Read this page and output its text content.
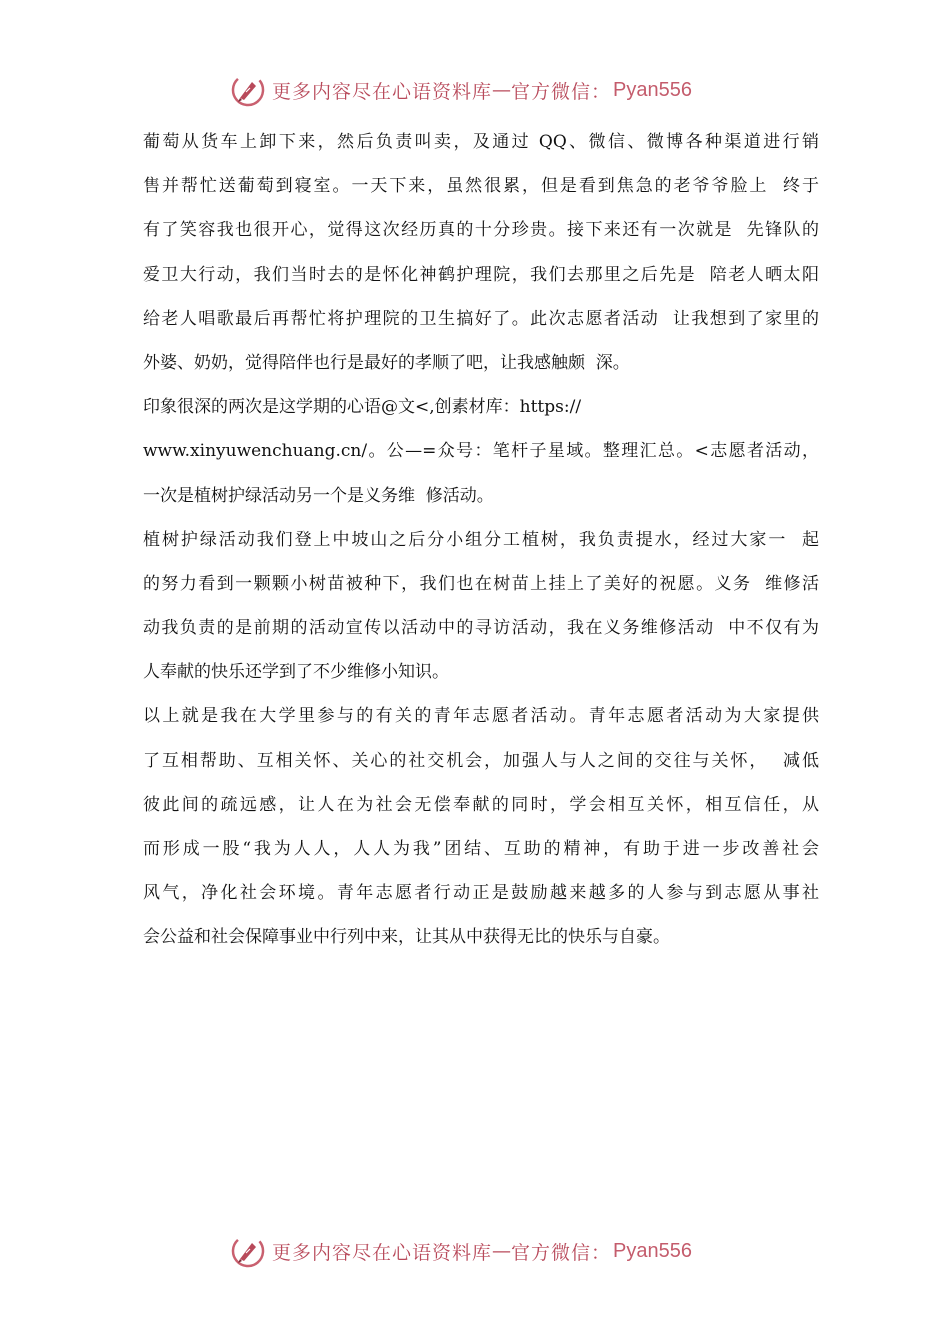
更多内容尽在心语资料库 — 官方微信： Pyan556
葡萄从货车上卸下来，然后负责叫卖，及通过 QQ、微信、微博各种渠道进行销
售并帮忙送葡萄到寝室。一天下来，虽然很累，但是看到焦急的老爷爷脸上  终于
有了笑容我也很开心，觉得这次经历真的十分珍贵。接下来还有一次就是  先锋队的
爱卫大行动，我们当时去的是怀化神鹤护理院，我们去那里之后先是  陪老人晒太阳
给老人唱歌最后再帮忙将护理院的卫生搞好了。此次志愿者活动  让我想到了家里的
外婆、奶奶，觉得陪伴也行是最好的孝顺了吧，让我感触颇  深。
印象很深的两次是这学期的心语@文<,创素材库：https://
www.xinyuwenchuang.cn/。公—=众号：笔杆子星域。整理汇总。<志愿者活动，
一次是植树护绿活动另一个是义务维  修活动。
植树护绿活动我们登上中坡山之后分小组分工植树，我负责提水，经过大家一  起
的努力看到一颗颗小树苗被种下，我们也在树苗上挂上了美好的祝愿。义务  维修活
动我负责的是前期的活动宣传以活动中的寻访活动，我在义务维修活动  中不仅有为
人奉献的快乐还学到了不少维修小知识。
以上就是我在大学里参与的有关的青年志愿者活动。青年志愿者活动为大家提供
了互相帮助、互相关怀、关心的社交机会，加强人与人之间的交往与关怀，  减低
彼此间的疏远感，让人在为社会无偿奉献的同时，学会相互关怀，相互信任，从
而形成一股“我为人人，人人为我”团结、互助的精神，有助于进一步改善社会
风气，净化社会环境。青年志愿者行动正是鼓励越来越多的人参与到志愿从事社
会公益和社会保障事业中行列中来，让其从中获得无比的快乐与自豪。
更多内容尽在心语资料库 — 官方微信： Pyan556
